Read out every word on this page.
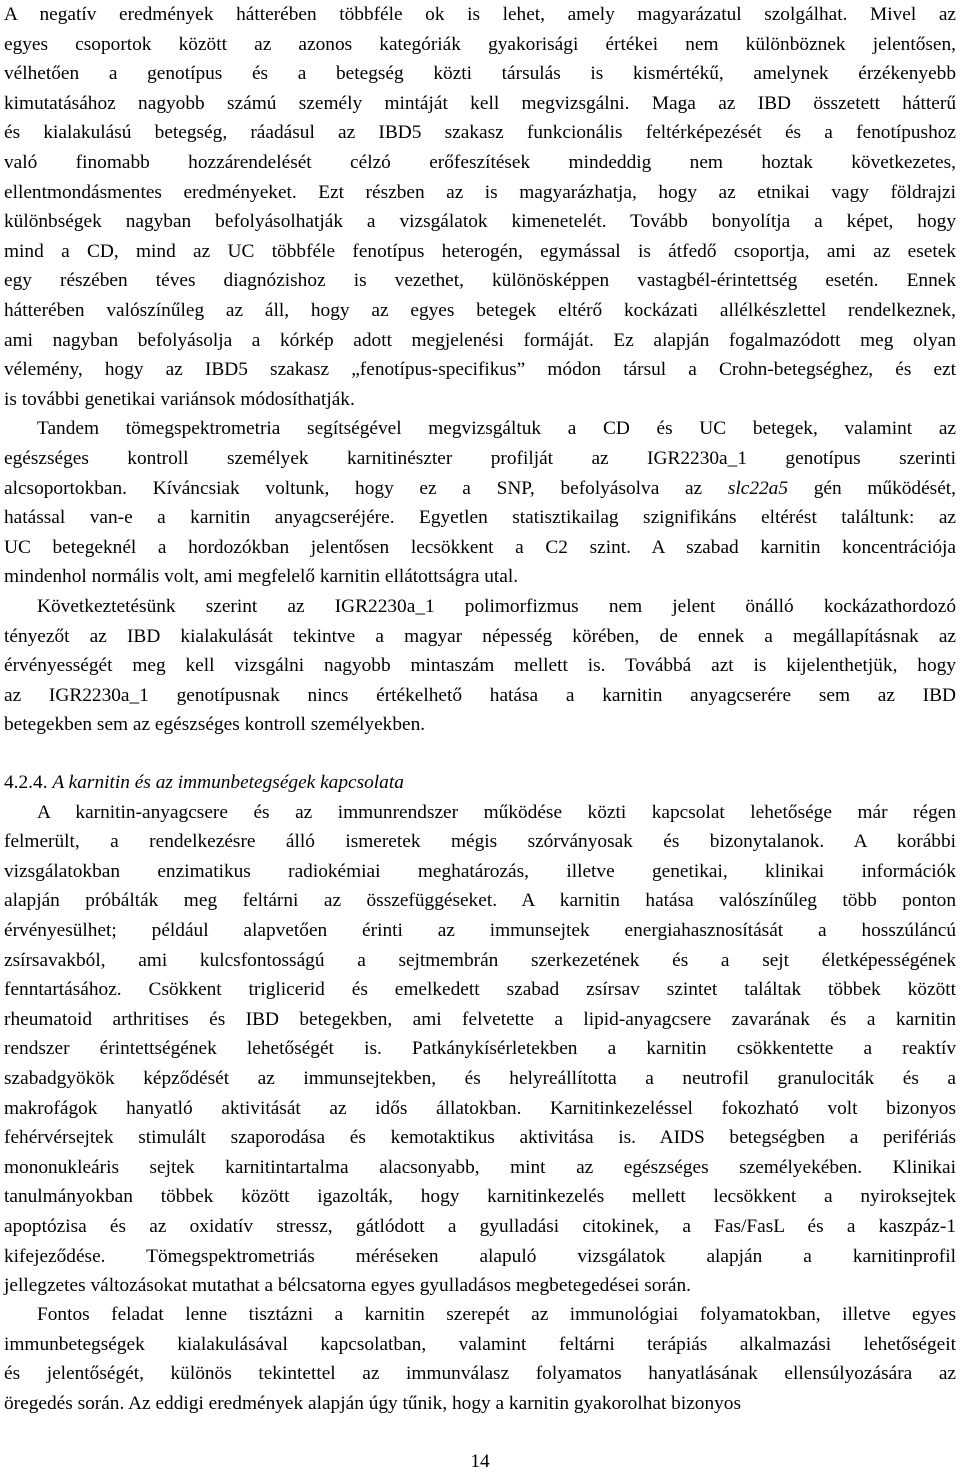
A negatív eredmények hátterében többféle ok is lehet, amely magyarázatul szolgálhat. Mivel az
egyes csoportok között az azonos kategóriák gyakorisági értékei nem különböznek jelentősen,
vélhetően a genotípus és a betegség közti társulás is kismértékű, amelynek érzékenyebb
kimutatásához nagyobb számú személy mintáját kell megvizsgálni. Maga az IBD összetett hátterű
és kialakulású betegség, ráadásul az IBD5 szakasz funkcionális feltérképezését és a fenotípushoz
való finomabb hozzárendelését célzó erőfeszítések mindeddig nem hoztak következetes,
ellentmondásmentes eredményeket. Ezt részben az is magyarázhatja, hogy az etnikai vagy földrajzi
különbségek nagyban befolyásolhatják a vizsgálatok kimenetelét. Tovább bonyolítja a képet, hogy
mind a CD, mind az UC többféle fenotípus heterogén, egymással is átfedő csoportja, ami az esetek
egy részében téves diagnózishoz is vezethet, különösképpen vastagbél-érintettség esetén. Ennek
hátterében valószínűleg az áll, hogy az egyes betegek eltérő kockázati allélkészlettel rendelkeznek,
ami nagyban befolyásolja a kórkép adott megjelenési formáját. Ez alapján fogalmazódott meg olyan
vélemény, hogy az IBD5 szakasz „fenotípus-specifikus” módon társul a Crohn-betegséghez, és ezt
is további genetikai variánsok módosíthatják.
Tandem tömegspektrometria segítségével megvizsgáltuk a CD és UC betegek, valamint az
egészséges kontroll személyek karnitinészter profilját az IGR2230a_1 genotípus szerinti
alcsoportokban. Kíváncsiak voltunk, hogy ez a SNP, befolyásolva az slc22a5 gén működését,
hatással van-e a karnitin anyagcseréjére. Egyetlen statisztikailag szignifikáns eltérést találtunk: az
UC betegeknél a hordozókban jelentősen lecsökkent a C2 szint. A szabad karnitin koncentrációja
mindenhol normális volt, ami megfelelő karnitin ellátottságra utal.
Következtetésünk szerint az IGR2230a_1 polimorfizmus nem jelent önálló kockázathordozó
tényezőt az IBD kialakulását tekintve a magyar népesség körében, de ennek a megállapításnak az
érvényességét meg kell vizsgálni nagyobb mintaszám mellett is. Továbbá azt is kijelenthetjük, hogy
az IGR2230a_1 genotípusnak nincs értékelhető hatása a karnitin anyagcserére sem az IBD
betegekben sem az egészséges kontroll személyekben.
4.2.4. A karnitin és az immunbetegségek kapcsolata
A karnitin-anyagcsere és az immunrendszer működése közti kapcsolat lehetősége már régen
felmerült, a rendelkezésre álló ismeretek mégis szórványosak és bizonytalanok. A korábbi
vizsgálatokban enzimatikus radiokémiai meghatározás, illetve genetikai, klinikai információk
alapján próbálták meg feltárni az összefüggéseket. A karnitin hatása valószínűleg több ponton
érvényesülhet; például alapvetően érinti az immunsejtek energiahasznosítását a hosszúláncú
zsírsavakból, ami kulcsfontosságú a sejtmembrán szerkezetének és a sejt életképességének
fenntartásához. Csökkent triglicerid és emelkedett szabad zsírsav szintet találtak többek között
rheumatoid arthritises és IBD betegekben, ami felvetette a lipid-anyagcsere zavarának és a karnitin
rendszer érintettségének lehetőségét is. Patkánykísérletekben a karnitin csökkentette a reaktív
szabadgyökök képződését az immunsejtekben, és helyreállította a neutrofil granulociták és a
makrofágok hanyatló aktivitását az idős állatokban. Karnitinkezeléssel fokozható volt bizonyos
fehérvérsejtek stimulált szaporodása és kemotaktikus aktivitása is. AIDS betegségben a perifériás
mononukleáris sejtek karnitintartalma alacsonyabb, mint az egészséges személyekében. Klinikai
tanulmányokban többek között igazolták, hogy karnitinkezelés mellett lecsökkent a nyiroksejtek
apoptózisa és az oxidatív stressz, gátlódott a gyulladási citokinek, a Fas/FasL és a kaszpáz-1
kifejeződése. Tömegspektrometriás méréseken alapuló vizsgálatok alapján a karnitinprofil
jellegzetes változásokat mutathat a bélcsatorna egyes gyulladásos megbetegedései során.
Fontos feladat lenne tisztázni a karnitin szerepét az immunológiai folyamatokban, illetve egyes
immunbetegségek kialakulásával kapcsolatban, valamint feltárni terápiás alkalmazási lehetőségeit
és jelentőségét, különös tekintettel az immunválasz folyamatos hanyatlásának ellensúlyozására az
öregedés során. Az eddigi eredmények alapján úgy tűnik, hogy a karnitin gyakorolhat bizonyos
14
